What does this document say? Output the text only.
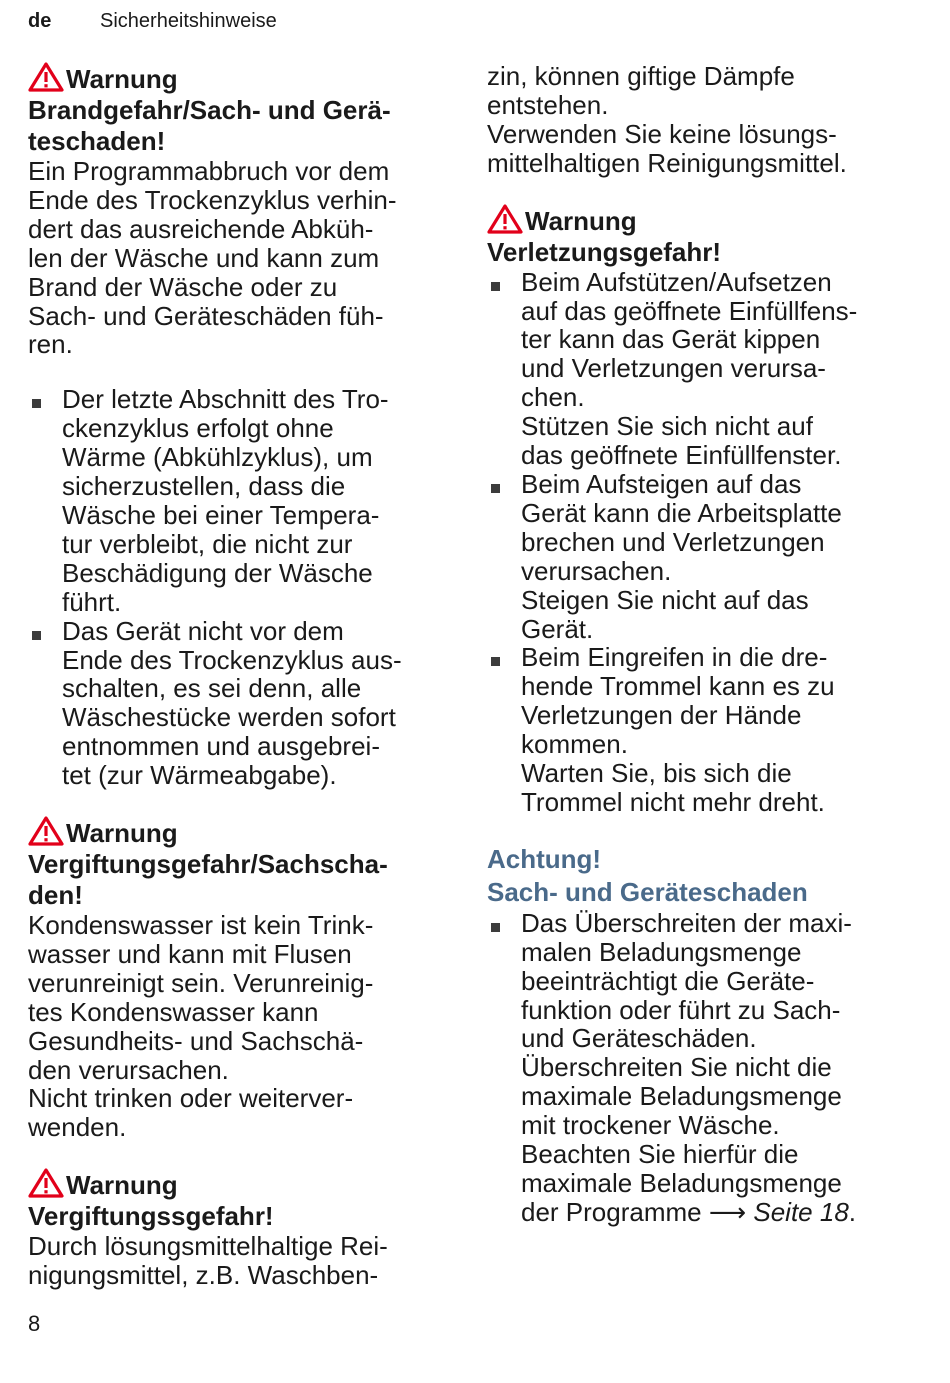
de Sicherheitshinweise
Warnung
Brandgefahr/Sach- und Gerä-
teschaden!

Ein Programmabbruch vor dem
Ende des Trockenzyklus verhin-
dert das ausreichende Abküh-
len der Wäsche und kann zum
Brand der Wäsche oder zu
Sach- und Geräteschäden füh-
ren.

Der letzte Abschnitt des Tro-
ckenzyklus erfolgt ohne
Wärme (Abkühlzyklus), um
sicherzustellen, dass die
Wäsche bei einer Tempera-
tur verbleibt, die nicht zur
Beschädigung der Wäsche
führt.
Das Gerät nicht vor dem
Ende des Trockenzyklus aus-
schalten, es sei denn, alle
Wäschestücke werden sofort
entnommen und ausgebrei-
tet (zur Wärmeabgabe).
Warnung
Vergiftungsgefahr/Sachscha-
den!

Kondenswasser ist kein Trink-
wasser und kann mit Flusen
verunreinigt sein. Verunreinig-
tes Kondenswasser kann
Gesundheits- und Sachschä-
den verursachen.
Nicht trinken oder weiterver-
wenden.

Warnung
Vergiftungssgefahr!

Durch lösungsmittelhaltige Rei-
nigungsmittel, z.B. Waschben-

zin, können giftige Dämpfe
entstehen.
Verwenden Sie keine lösungs-
mittelhaltigen Reinigungsmittel.

Warnung
Verletzungsgefahr!
Beim Aufstützen/Aufsetzen
auf das geöffnete Einfüllfens-
ter kann das Gerät kippen
und Verletzungen verursa-
chen.
Stützen Sie sich nicht auf
das geöffnete Einfüllfenster.
Beim Aufsteigen auf das
Gerät kann die Arbeitsplatte
brechen und Verletzungen
verursachen.
Steigen Sie nicht auf das
Gerät.
Beim Eingreifen in die dre-
hende Trommel kann es zu
Verletzungen der Hände
kommen.
Warten Sie, bis sich die
Trommel nicht mehr dreht.
Achtung!
Sach- und Geräteschaden
Das Überschreiten der maxi-
malen Beladungsmenge
beeinträchtigt die Geräte-
funktion oder führt zu Sach-
und Geräteschäden.
Überschreiten Sie nicht die
maximale Beladungsmenge
mit trockener Wäsche.
Beachten Sie hierfür die
maximale Beladungsmenge
der Programme ⟶ Seite 18.
8
